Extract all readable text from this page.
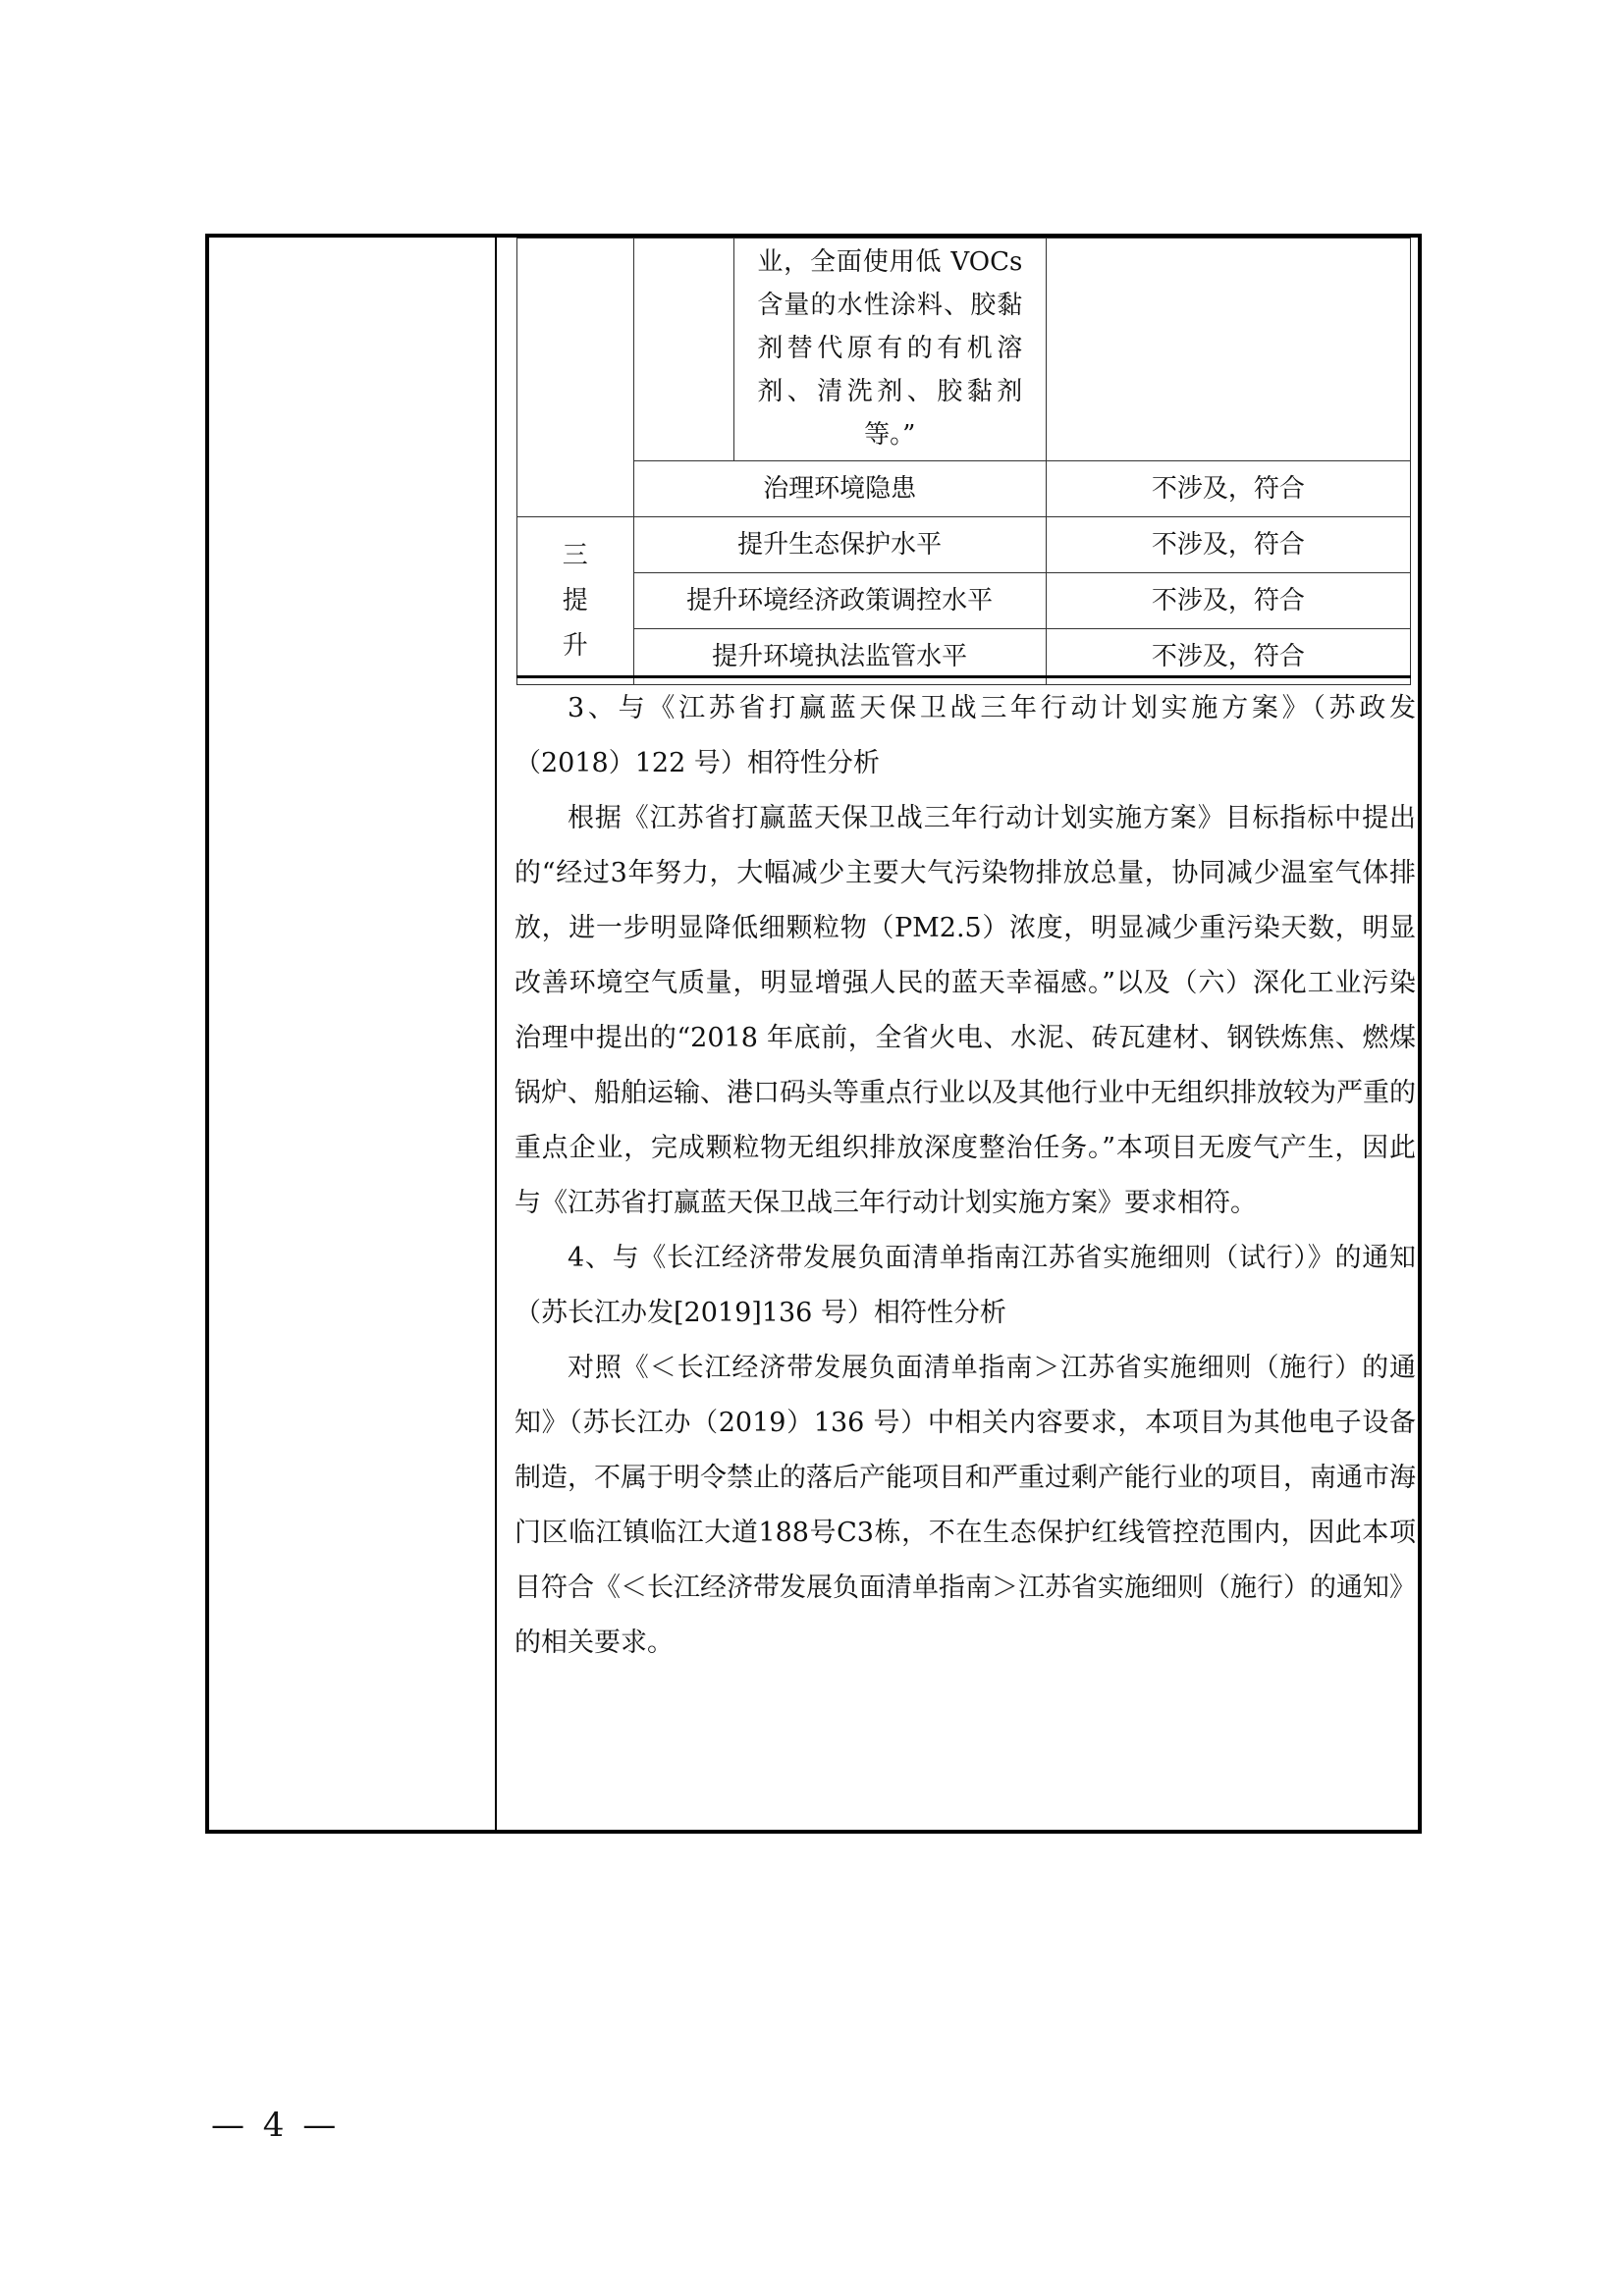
		业，全面使用低 VOCs 含量的水性涂料、胶黏剂替代原有的有机溶剂、清洗剂、胶黏剂等。”	

	治理环境隐患		不涉及，符合

三
提
升	提升生态保护水平		不涉及，符合
	提升环境经济政策调控水平		不涉及，符合
	提升环境执法监管水平		不涉及，符合

3、与《江苏省打赢蓝天保卫战三年行动计划实施方案》（苏政发（2018）122 号）相符性分析

根据《江苏省打赢蓝天保卫战三年行动计划实施方案》目标指标中提出的“经过3年努力，大幅减少主要大气污染物排放总量，协同减少温室气体排放，进一步明显降低细颗粒物（PM2.5）浓度，明显减少重污染天数，明显改善环境空气质量，明显增强人民的蓝天幸福感。”以及（六）深化工业污染治理中提出的“2018 年底前，全省火电、水泥、砖瓦建材、钢铁炼焦、燃煤锅炉、船舶运输、港口码头等重点行业以及其他行业中无组织排放较为严重的重点企业，完成颗粒物无组织排放深度整治任务。”本项目无废气产生，因此与《江苏省打赢蓝天保卫战三年行动计划实施方案》要求相符。

4、与《长江经济带发展负面清单指南江苏省实施细则（试行）》的通知（苏长江办发[2019]136 号）相符性分析

对照《＜长江经济带发展负面清单指南＞江苏省实施细则（施行）的通知》（苏长江办（2019）136 号）中相关内容要求，本项目为其他电子设备制造，不属于明令禁止的落后产能项目和严重过剩产能行业的项目，南通市海门区临江镇临江大道188号C3栋，不在生态保护红线管控范围内，因此本项目符合《＜长江经济带发展负面清单指南＞江苏省实施细则（施行）的通知》的相关要求。

— 4 —
